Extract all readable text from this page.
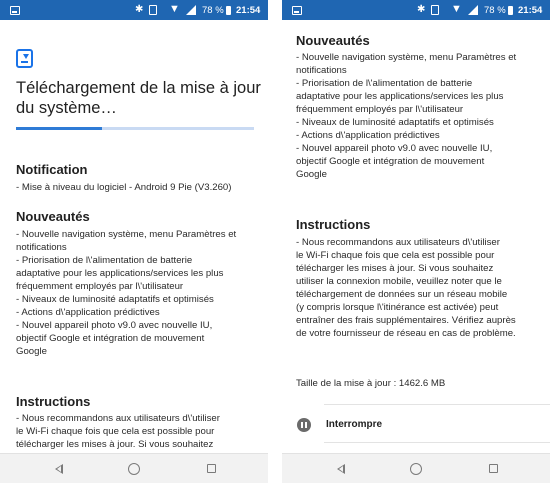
✱ ▼ 78 % 21:54
Téléchargement de la mise à jour
du système…
Notification
- Mise à niveau du logiciel - Android 9 Pie (V3.260)
Nouveautés
- Nouvelle navigation système, menu Paramètres et
notifications
- Priorisation de l\'alimentation de batterie
adaptative pour les applications/services les plus
fréquemment employés par l\'utilisateur
- Niveaux de luminosité adaptatifs et optimisés
- Actions d\'application prédictives
- Nouvel appareil photo v9.0 avec nouvelle IU,
objectif Google et intégration de mouvement
Google
Instructions
- Nous recommandons aux utilisateurs d\'utiliser
le Wi-Fi chaque fois que cela est possible pour
télécharger les mises à jour. Si vous souhaitez
✱ ▼ 78 % 21:54
Nouveautés
- Nouvelle navigation système, menu Paramètres et
notifications
- Priorisation de l\'alimentation de batterie
adaptative pour les applications/services les plus
fréquemment employés par l\'utilisateur
- Niveaux de luminosité adaptatifs et optimisés
- Actions d\'application prédictives
- Nouvel appareil photo v9.0 avec nouvelle IU,
objectif Google et intégration de mouvement
Google
Instructions
- Nous recommandons aux utilisateurs d\'utiliser
le Wi-Fi chaque fois que cela est possible pour
télécharger les mises à jour. Si vous souhaitez
utiliser la connexion mobile, veuillez noter que le
téléchargement de données sur un réseau mobile
(y compris lorsque l\'itinérance est activée) peut
entraîner des frais supplémentaires. Vérifiez auprès
de votre fournisseur de réseau en cas de problème.
Taille de la mise à jour : 1462.6 MB
Interrompre
